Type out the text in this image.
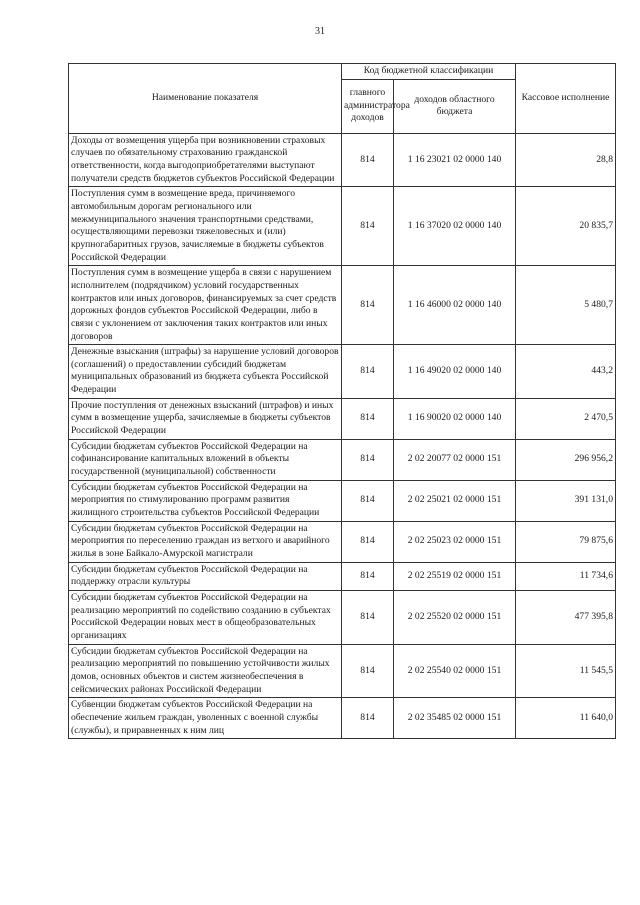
31
Наименование показателя	Код бюджетной классификации		Кассовое исполнение
	главного администратора доходов	доходов областного бюджета	
Доходы от возмещения ущерба при возникновении страховых случаев по обязательному страхованию гражданской ответственности, когда выгодоприобретателями выступают получатели средств бюджетов субъектов Российской Федерации	814	1 16 23021 02 0000 140	28,8
Поступления сумм в возмещение вреда, причиняемого автомобильным дорогам регионального или межмуниципального значения транспортными средствами, осуществляющими перевозки тяжеловесных и (или) крупногабаритных грузов, зачисляемые в бюджеты субъектов Российской Федерации	814	1 16 37020 02 0000 140	20 835,7
Поступления сумм в возмещение ущерба в связи с нарушением исполнителем (подрядчиком) условий государственных контрактов или иных договоров, финансируемых за счет средств дорожных фондов субъектов Российской Федерации, либо в связи с уклонением от заключения таких контрактов или иных договоров	814	1 16 46000 02 0000 140	5 480,7
Денежные взыскания (штрафы) за нарушение условий договоров (соглашений) о предоставлении субсидий бюджетам муниципальных образований из бюджета субъекта Российской Федерации	814	1 16 49020 02 0000 140	443,2
Прочие поступления от денежных взысканий (штрафов) и иных сумм в возмещение ущерба, зачисляемые в бюджеты субъектов Российской Федерации	814	1 16 90020 02 0000 140	2 470,5
Субсидии бюджетам субъектов Российской Федерации на софинансирование капитальных вложений в объекты государственной (муниципальной) собственности	814	2 02 20077 02 0000 151	296 956,2
Субсидии бюджетам субъектов Российской Федерации на мероприятия по стимулированию программ развития жилищного строительства субъектов Российской Федерации	814	2 02 25021 02 0000 151	391 131,0
Субсидии бюджетам субъектов Российской Федерации на мероприятия по переселению граждан из ветхого и аварийного жилья в зоне Байкало-Амурской магистрали	814	2 02 25023 02 0000 151	79 875,6
Субсидии бюджетам субъектов Российской Федерации на поддержку отрасли культуры	814	2 02 25519 02 0000 151	11 734,6
Субсидии бюджетам субъектов Российской Федерации на реализацию мероприятий по содействию созданию в субъектах Российской Федерации новых мест в общеобразовательных организациях	814	2 02 25520 02 0000 151	477 395,8
Субсидии бюджетам субъектов Российской Федерации на реализацию мероприятий по повышению устойчивости жилых домов, основных объектов и систем жизнеобеспечения в сейсмических районах Российской Федерации	814	2 02 25540 02 0000 151	11 545,5
Субвенции бюджетам субъектов Российской Федерации на обеспечение жильем граждан, уволенных с военной службы (службы), и приравненных к ним лиц	814	2 02 35485 02 0000 151	11 640,0
